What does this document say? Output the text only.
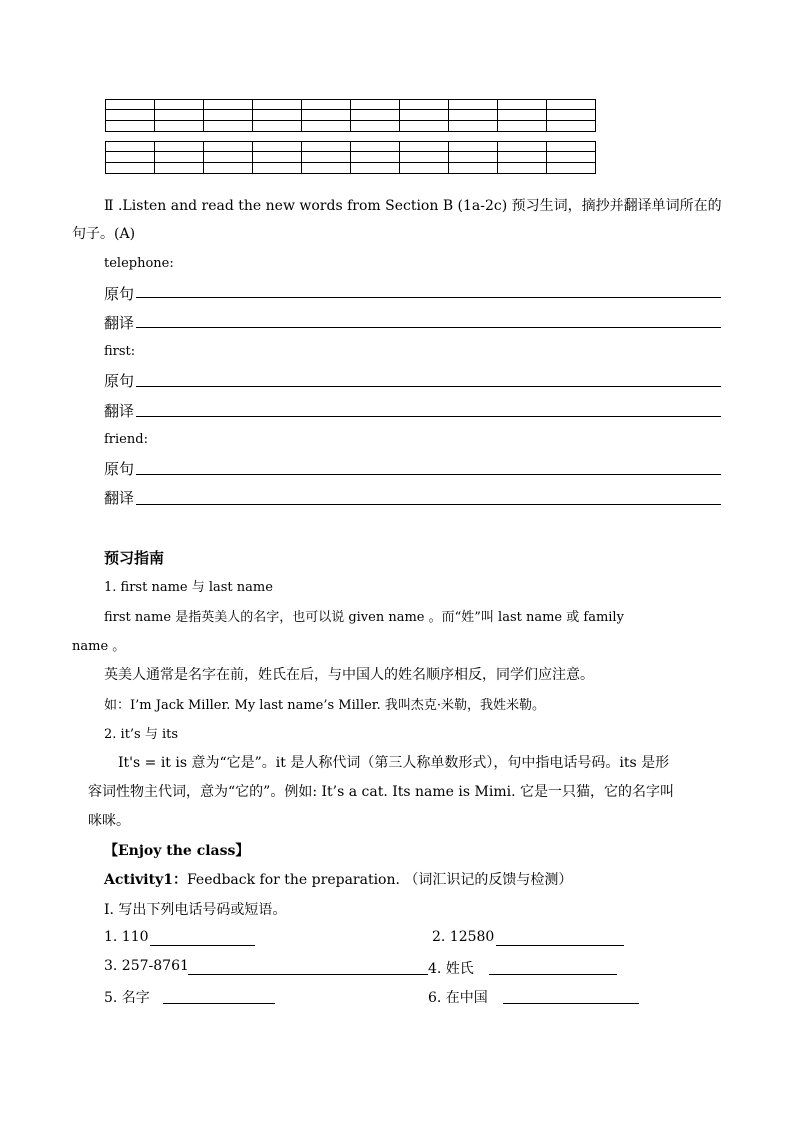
Ⅱ .Listen and read the new words from Section B (1a-2c) 预习生词，摘抄并翻译单词所在的
句子。(A)
telephone:
原句
翻译
first:
原句
翻译
friend:
原句
翻译
预习指南
1. first name 与 last name
first name 是指英美人的名字，也可以说 given name 。而“姓”叫 last name 或 family
name 。
英美人通常是名字在前，姓氏在后，与中国人的姓名顺序相反，同学们应注意。
如：I’m Jack Miller. My last name’s Miller. 我叫杰克·米勒，我姓米勒。
2. it’s 与 its
It's = it is 意为“它是”。it 是人称代词（第三人称单数形式），句中指电话号码。its 是形
容词性物主代词，意为“它的”。例如: It’s a cat. Its name is Mimi. 它是一只猫，它的名字叫
咪咪。
【Enjoy the class】
Activity1：Feedback for the preparation. （词汇识记的反馈与检测）
I. 写出下列电话号码或短语。
1. 110	2. 12580
3. 257-8761	4. 姓氏
5. 名字	6. 在中国
